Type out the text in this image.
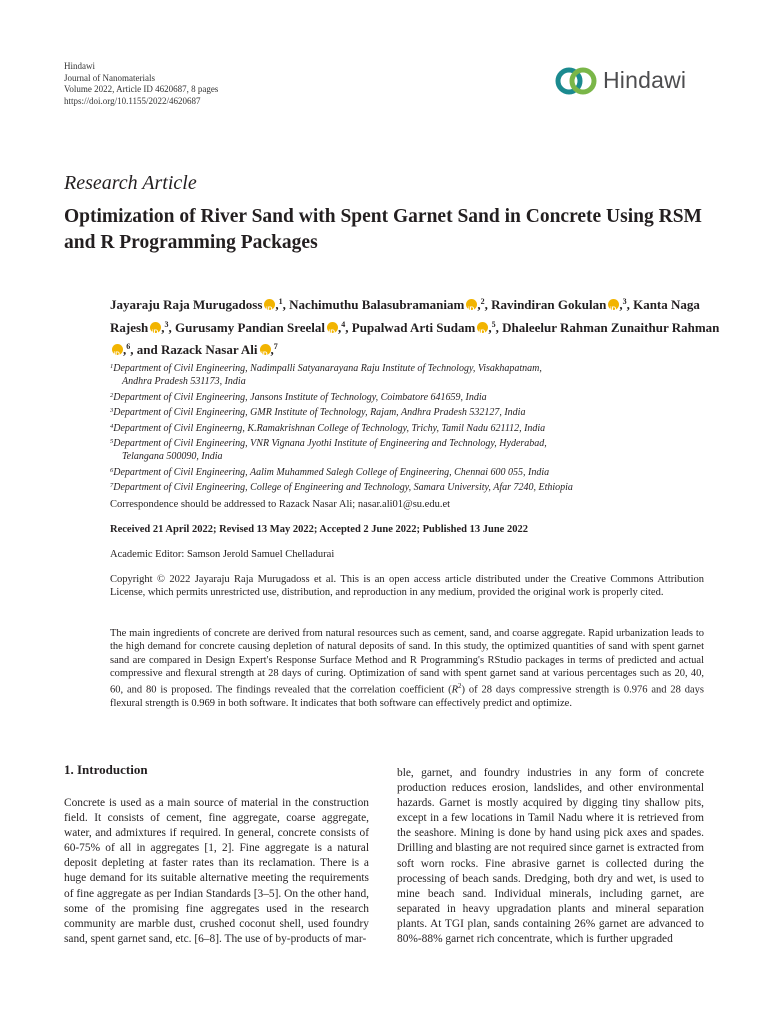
Hindawi
Journal of Nanomaterials
Volume 2022, Article ID 4620687, 8 pages
https://doi.org/10.1155/2022/4620687
Hindawi
Research Article
Optimization of River Sand with Spent Garnet Sand in Concrete Using RSM and R Programming Packages
Jayaraju Raja Murugadoss iD ,$^1$, Nachimuthu Balasubramaniam iD ,$^2$, Ravindiran Gokulan iD ,$^3$, Kanta Naga Rajesh iD ,$^3$, Gurusamy Pandian Sreelal iD ,$^4$, Pupalwad Arti Sudam iD ,$^5$, Dhaleelur Rahman Zunaithur RahmaniD,$^6$, and Razack Nasar Ali iD ,$^7$
$^1$Department of Civil Engineering, Nadimpalli Satyanarayana Raju Institute of Technology, Visakhapatnam,
Andhra Pradesh 531173, India
$^2$Department of Civil Engineering, Jansons Institute of Technology, Coimbatore 641659, India
$^3$Department of Civil Engineering, GMR Institute of Technology, Rajam, Andhra Pradesh 532127, India
$^4$Department of Civil Engineerng, K.Ramakrishnan College of Technology, Trichy, Tamil Nadu 621112, India
$^5$Department of Civil Engineering, VNR Vignana Jyothi Institute of Engineering and Technology, Hyderabad,
Telangana 500090, India
$^6$Department of Civil Engineering, Aalim Muhammed Salegh College of Engineering, Chennai 600 055, India
$^7$Department of Civil Engineering, College of Engineering and Technology, Samara University, Afar 7240, Ethiopia
Correspondence should be addressed to Razack Nasar Ali; nasar.ali01@su.edu.et
Received 21 April 2022; Revised 13 May 2022; Accepted 2 June 2022; Published 13 June 2022
Academic Editor: Samson Jerold Samuel Chelladurai

Copyright © 2022 Jayaraju Raja Murugadoss et al. This is an open access article distributed under the Creative Commons Attribution License, which permits unrestricted use, distribution, and reproduction in any medium, provided the original work is properly cited.

The main ingredients of concrete are derived from natural resources such as cement, sand, and coarse aggregate. Rapid urbanization leads to the high demand for concrete causing depletion of natural deposits of sand. In this study, the optimized quantities of sand with spent garnet sand are compared in Design Expert's Response Surface Method and R Programming's RStudio packages in terms of predicted and actual compressive and flexural strength at 28 days of curing. Optimization of sand with spent garnet sand at various percentages such as 20, 40, 60, and 80 is proposed. The findings revealed that the correlation coefficient $(R^2)$ of 28 days compressive strength is 0.976 and 28 days flexural strength is 0.969 in both software. It indicates that both software can effectively predict and optimize.

1. Introduction

Concrete is used as a main source of material in the construction field. It consists of cement, fine aggregate, coarse aggregate, water, and admixtures if required. In general, concrete consists of 60-75% of all in aggregates [1, 2]. Fine aggregate is a natural deposit depleting at faster rates than its reclamation. There is a huge demand for its suitable alternative meeting the requirements of fine aggregate as per Indian Standards [3–5]. On the other hand, some of the promising fine aggregates used in the research community are marble dust, crushed coconut shell, used foundry sand, spent garnet sand, etc. [6–8]. The use of by-products of mar-

ble, garnet, and foundry industries in any form of concrete production reduces erosion, landslides, and other environmental hazards. Garnet is mostly acquired by digging tiny shallow pits, except in a few locations in Tamil Nadu where it is retrieved from the seashore. Mining is done by hand using pick axes and spades. Drilling and blasting are not required since garnet is extracted from soft worn rocks. Fine abrasive garnet is collected during the processing of beach sands. Dredging, both dry and wet, is used to mine beach sand. Individual minerals, including garnet, are separated in heavy upgradation plants and mineral separation plants. At TGI plan, sands containing 26% garnet are advanced to 80%-88% garnet rich concentrate, which is further upgraded
